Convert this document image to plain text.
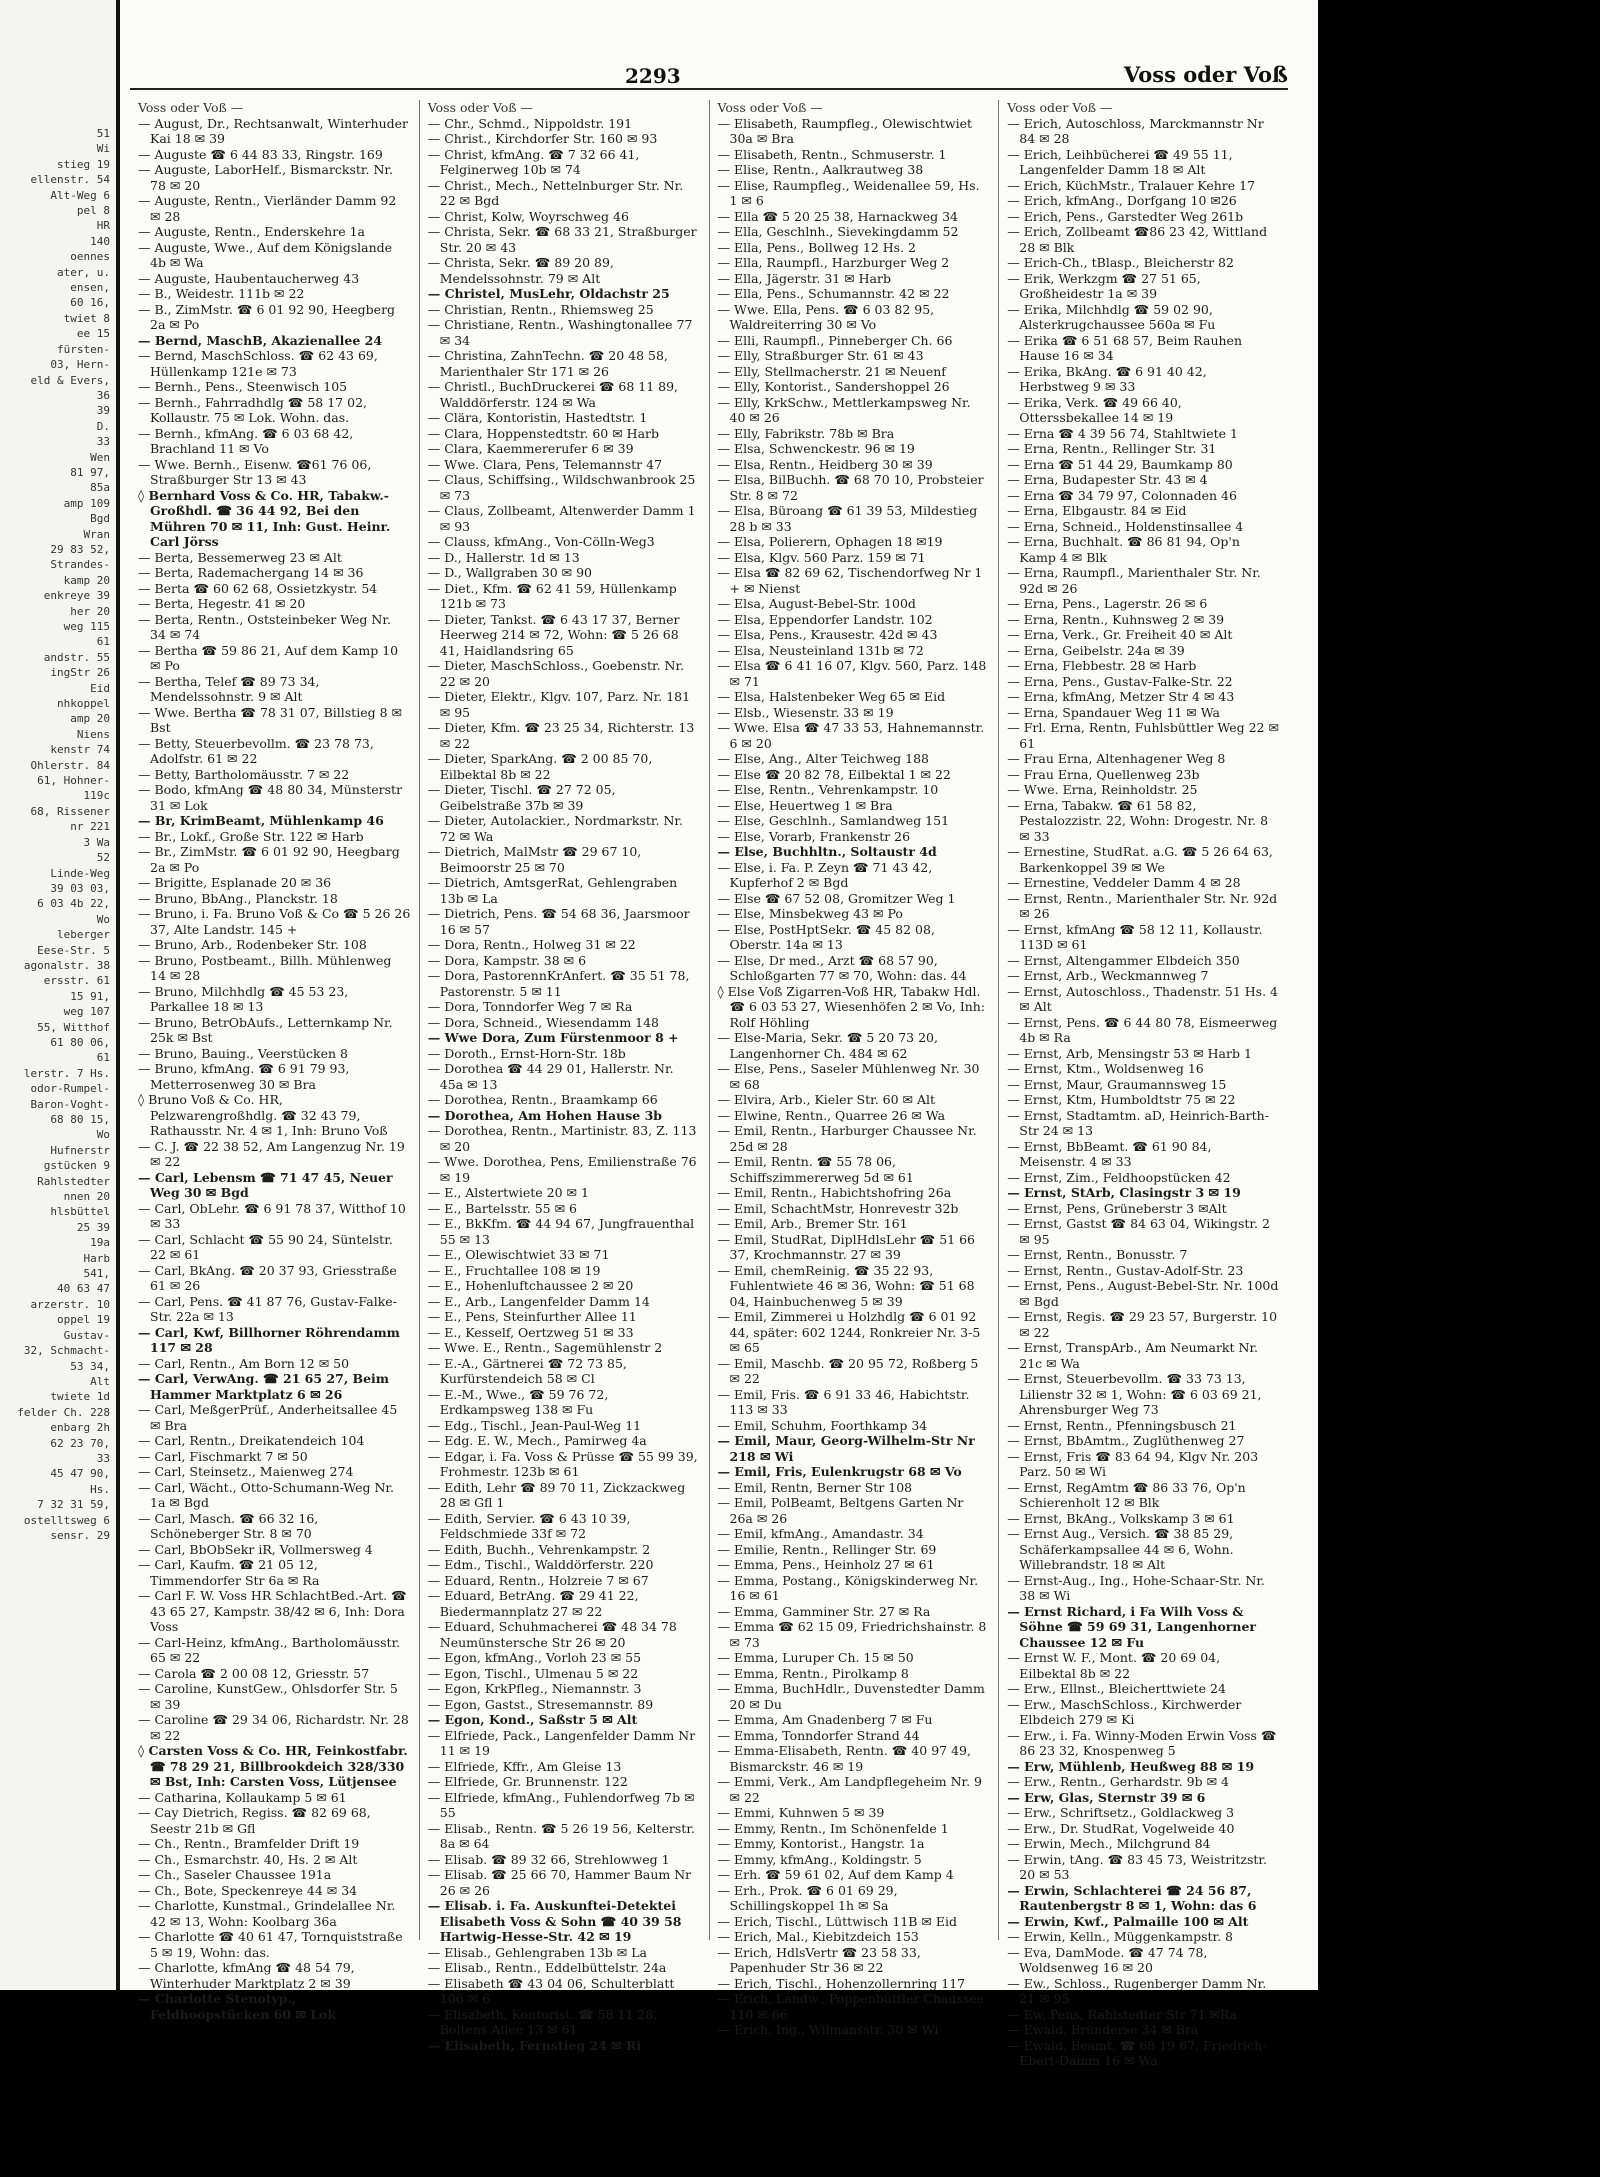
51
Wi
stieg 19
ellenstr. 54
Alt-Weg 6
pel 8
HR
140
oennes
ater, u.
ensen,
60 16,
twiet 8
ee 15
fürsten-
03, Hern-
eld & Evers,
36
39
D.
33
Wen
81 97,
85a
amp 109
Bgd
Wran
29 83 52,
Strandes-
kamp 20
enkreye 39
her 20
weg 115
61
andstr. 55
ingStr 26
Eid
nhkoppel
amp 20
Niens
kenstr 74
Ohlerstr. 84
61, Hohner-
119c
68, Rissener
nr 221
3 Wa
52
Linde-Weg
39 03 03,
6 03 4b 22,
Wo
leberger
Eese-Str. 5
agonalstr. 38
ersstr. 61
15 91,
weg 107
55, Witthof
61 80 06,
61
lerstr. 7 Hs.
odor-Rumpel-
Baron-Voght-
68 80 15,
Wo
Hufnerstr
gstücken 9
Rahlstedter
nnen 20
hlsbüttel
25 39
19a
Harb
541,
40 63 47
arzerstr. 10
oppel 19
Gustav-
32, Schmacht-
53 34,
Alt
twiete 1d
felder Ch. 228
enbarg 2h
62 23 70,
33
45 47 90,
Hs.
7 32 31 59,
ostelltsweg 6
sensr. 29
2293	Voss oder Voß
Voss oder Voß —

— August, Dr., Rechtsanwalt, Winterhuder Kai 18 ✉ 39

— Auguste ☎ 6 44 83 33, Ringstr. 169

— Auguste, LaborHelf., Bismarckstr. Nr. 78 ✉ 20

— Auguste, Rentn., Vierländer Damm 92 ✉ 28

— Auguste, Rentn., Enderskehre 1a

— Auguste, Wwe., Auf dem Königslande 4b ✉ Wa

— Auguste, Haubentaucherweg 43

— B., Weidestr. 111b ✉ 22

— B., ZimMstr. ☎ 6 01 92 90, Heegberg 2a ✉ Po

— Bernd, MaschB, Akazienallee 24

— Bernd, MaschSchloss. ☎ 62 43 69, Hüllenkamp 121e ✉ 73

— Bernh., Pens., Steenwisch 105

— Bernh., Fahrradhdlg ☎ 58 17 02, Kollaustr. 75 ✉ Lok. Wohn. das.

— Bernh., kfmAng. ☎ 6 03 68 42, Brachland 11 ✉ Vo

— Wwe. Bernh., Eisenw. ☎61 76 06, Straßburger Str 13 ✉ 43

◊ Bernhard Voss & Co. HR, Tabakw.-Großhdl. ☎ 36 44 92, Bei den Mühren 70 ✉ 11, Inh: Gust. Heinr. Carl Jörss

— Berta, Bessemerweg 23 ✉ Alt

— Berta, Rademachergang 14 ✉ 36

— Berta ☎ 60 62 68, Ossietzkystr. 54

— Berta, Hegestr. 41 ✉ 20

— Berta, Rentn., Oststeinbeker Weg Nr. 34 ✉ 74

— Bertha ☎ 59 86 21, Auf dem Kamp 10 ✉ Po

— Bertha, Telef ☎ 89 73 34, Mendelssohnstr. 9 ✉ Alt

— Wwe. Bertha ☎ 78 31 07, Billstieg 8 ✉ Bst

— Betty, Steuerbevollm. ☎ 23 78 73, Adolfstr. 61 ✉ 22

— Betty, Bartholomäusstr. 7 ✉ 22

— Bodo, kfmAng ☎ 48 80 34, Münsterstr 31 ✉ Lok

— Br, KrimBeamt, Mühlenkamp 46

— Br., Lokf., Große Str. 122 ✉ Harb

— Br., ZimMstr. ☎ 6 01 92 90, Heegbarg 2a ✉ Po

— Brigitte, Esplanade 20 ✉ 36

— Bruno, BbAng., Planckstr. 18

— Bruno, i. Fa. Bruno Voß & Co ☎ 5 26 26 37, Alte Landstr. 145 +

— Bruno, Arb., Rodenbeker Str. 108

— Bruno, Postbeamt., Billh. Mühlenweg 14 ✉ 28

— Bruno, Milchhdlg ☎ 45 53 23, Parkallee 18 ✉ 13

— Bruno, BetrObAufs., Letternkamp Nr. 25k ✉ Bst

— Bruno, Bauing., Veerstücken 8

— Bruno, kfmAng. ☎ 6 91 79 93, Metterrosenweg 30 ✉ Bra

◊ Bruno Voß & Co. HR, Pelzwarengroßhdlg. ☎ 32 43 79, Rathausstr. Nr. 4 ✉ 1, Inh: Bruno Voß

— C. J. ☎ 22 38 52, Am Langenzug Nr. 19 ✉ 22

— Carl, Lebensm ☎ 71 47 45, Neuer Weg 30 ✉ Bgd

— Carl, ObLehr. ☎ 6 91 78 37, Witthof 10 ✉ 33

— Carl, Schlacht ☎ 55 90 24, Süntelstr. 22 ✉ 61

— Carl, BkAng. ☎ 20 37 93, Griesstraße 61 ✉ 26

— Carl, Pens. ☎ 41 87 76, Gustav-Falke-Str. 22a ✉ 13

— Carl, Kwf, Billhorner Röhrendamm 117 ✉ 28

— Carl, Rentn., Am Born 12 ✉ 50

— Carl, VerwAng. ☎ 21 65 27, Beim Hammer Marktplatz 6 ✉ 26

— Carl, MeßgerPrüf., Anderheitsallee 45 ✉ Bra

— Carl, Rentn., Dreikatendeich 104

— Carl, Fischmarkt 7 ✉ 50

— Carl, Steinsetz., Maienweg 274

— Carl, Wächt., Otto-Schumann-Weg Nr. 1a ✉ Bgd

— Carl, Masch. ☎ 66 32 16, Schöneberger Str. 8 ✉ 70

— Carl, BbObSekr iR, Vollmersweg 4

— Carl, Kaufm. ☎ 21 05 12, Timmendorfer Str 6a ✉ Ra

— Carl F. W. Voss HR SchlachtBed.-Art. ☎ 43 65 27, Kampstr. 38/42 ✉ 6, Inh: Dora Voss

— Carl-Heinz, kfmAng., Bartholomäusstr. 65 ✉ 22

— Carola ☎ 2 00 08 12, Griesstr. 57

— Caroline, KunstGew., Ohlsdorfer Str. 5 ✉ 39

— Caroline ☎ 29 34 06, Richardstr. Nr. 28 ✉ 22

◊ Carsten Voss & Co. HR, Feinkostfabr. ☎ 78 29 21, Billbrookdeich 328/330 ✉ Bst, Inh: Carsten Voss, Lütjensee

— Catharina, Kollaukamp 5 ✉ 61

— Cay Dietrich, Regiss. ☎ 82 69 68, Seestr 21b ✉ Gfl

— Ch., Rentn., Bramfelder Drift 19

— Ch., Esmarchstr. 40, Hs. 2 ✉ Alt

— Ch., Saseler Chaussee 191a

— Ch., Bote, Speckenreye 44 ✉ 34

— Charlotte, Kunstmal., Grindelallee Nr. 42 ✉ 13, Wohn: Koolbarg 36a

— Charlotte ☎ 40 61 47, Tornquiststraße 5 ✉ 19, Wohn: das.

— Charlotte, kfmAng ☎ 48 54 79, Winterhuder Marktplatz 2 ✉ 39

— Charlotte Stenotyp., Feldhoopstücken 60 ✉ Lok

Voss oder Voß —

— Chr., Schmd., Nippoldstr. 191

— Christ., Kirchdorfer Str. 160 ✉ 93

— Christ, kfmAng. ☎ 7 32 66 41, Felginerweg 10b ✉ 74

— Christ., Mech., Nettelnburger Str. Nr. 22 ✉ Bgd

— Christ, Kolw, Woyrschweg 46

— Christa, Sekr. ☎ 68 33 21, Straßburger Str. 20 ✉ 43

— Christa, Sekr. ☎ 89 20 89, Mendelssohnstr. 79 ✉ Alt

— Christel, MusLehr, Oldachstr 25

— Christian, Rentn., Rhiemsweg 25

— Christiane, Rentn., Washingtonallee 77 ✉ 34

— Christina, ZahnTechn. ☎ 20 48 58, Marienthaler Str 171 ✉ 26

— Christl., BuchDruckerei ☎ 68 11 89, Walddörferstr. 124 ✉ Wa

— Clära, Kontoristin, Hastedtstr. 1

— Clara, Hoppenstedtstr. 60 ✉ Harb

— Clara, Kaemmererufer 6 ✉ 39

— Wwe. Clara, Pens, Telemannstr 47

— Claus, Schiffsing., Wildschwanbrook 25 ✉ 73

— Claus, Zollbeamt, Altenwerder Damm 1 ✉ 93

— Clauss, kfmAng., Von-Cölln-Weg3

— D., Hallerstr. 1d ✉ 13

— D., Wallgraben 30 ✉ 90

— Diet., Kfm. ☎ 62 41 59, Hüllenkamp 121b ✉ 73

— Dieter, Tankst. ☎ 6 43 17 37, Berner Heerweg 214 ✉ 72, Wohn: ☎ 5 26 68 41, Haidlandsring 65

— Dieter, MaschSchloss., Goebenstr. Nr. 22 ✉ 20

— Dieter, Elektr., Klgv. 107, Parz. Nr. 181 ✉ 95

— Dieter, Kfm. ☎ 23 25 34, Richterstr. 13 ✉ 22

— Dieter, SparkAng. ☎ 2 00 85 70, Eilbektal 8b ✉ 22

— Dieter, Tischl. ☎ 27 72 05, Geibelstraße 37b ✉ 39

— Dieter, Autolackier., Nordmarkstr. Nr. 72 ✉ Wa

— Dietrich, MalMstr ☎ 29 67 10, Beimoorstr 25 ✉ 70

— Dietrich, AmtsgerRat, Gehlengraben 13b ✉ La

— Dietrich, Pens. ☎ 54 68 36, Jaarsmoor 16 ✉ 57

— Dora, Rentn., Holweg 31 ✉ 22

— Dora, Kampstr. 38 ✉ 6

— Dora, PastorennKrAnfert. ☎ 35 51 78, Pastorenstr. 5 ✉ 11

— Dora, Tonndorfer Weg 7 ✉ Ra

— Dora, Schneid., Wiesendamm 148

— Wwe Dora, Zum Fürstenmoor 8 +

— Doroth., Ernst-Horn-Str. 18b

— Dorothea ☎ 44 29 01, Hallerstr. Nr. 45a ✉ 13

— Dorothea, Rentn., Braamkamp 66

— Dorothea, Am Hohen Hause 3b

— Dorothea, Rentn., Martinistr. 83, Z. 113 ✉ 20

— Wwe. Dorothea, Pens, Emilienstraße 76 ✉ 19

— E., Alstertwiete 20 ✉ 1

— E., Bartelsstr. 55 ✉ 6

— E., BkKfm. ☎ 44 94 67, Jungfrauenthal 55 ✉ 13

— E., Olewischtwiet 33 ✉ 71

— E., Fruchtallee 108 ✉ 19

— E., Hohenluftchaussee 2 ✉ 20

— E., Arb., Langenfelder Damm 14

— E., Pens, Steinfurther Allee 11

— E., Kesself, Oertzweg 51 ✉ 33

— Wwe. E., Rentn., Sagemühlenstr 2

— E.-A., Gärtnerei ☎ 72 73 85, Kurfürstendeich 58 ✉ Cl

— E.-M., Wwe., ☎ 59 76 72, Erdkampsweg 138 ✉ Fu

— Edg., Tischl., Jean-Paul-Weg 11

— Edg. E. W., Mech., Pamirweg 4a

— Edgar, i. Fa. Voss & Prüsse ☎ 55 99 39, Frohmestr. 123b ✉ 61

— Edith, Lehr ☎ 89 70 11, Zickzackweg 28 ✉ Gfl 1

— Edith, Servier. ☎ 6 43 10 39, Feldschmiede 33f ✉ 72

— Edith, Buchh., Vehrenkampstr. 2

— Edm., Tischl., Walddörferstr. 220

— Eduard, Rentn., Holzreie 7 ✉ 67

— Eduard, BetrAng. ☎ 29 41 22, Biedermannplatz 27 ✉ 22

— Eduard, Schuhmacherei ☎ 48 34 78 Neumünstersche Str 26 ✉ 20

— Egon, kfmAng., Vorloh 23 ✉ 55

— Egon, Tischl., Ulmenau 5 ✉ 22

— Egon, KrkPfleg., Niemannstr. 3

— Egon, Gastst., Stresemannstr. 89

— Egon, Kond., Saßstr 5 ✉ Alt

— Elfriede, Pack., Langenfelder Damm Nr 11 ✉ 19

— Elfriede, Kffr., Am Gleise 13

— Elfriede, Gr. Brunnenstr. 122

— Elfriede, kfmAng., Fuhlendorfweg 7b ✉ 55

— Elisab., Rentn. ☎ 5 26 19 56, Kelterstr. 8a ✉ 64

— Elisab. ☎ 89 32 66, Strehlowweg 1

— Elisab. ☎ 25 66 70, Hammer Baum Nr 26 ✉ 26

— Elisab. i. Fa. Auskunftei-Detektei Elisabeth Voss & Sohn ☎ 40 39 58 Hartwig-Hesse-Str. 42 ✉ 19

— Elisab., Gehlengraben 13b ✉ La

— Elisab., Rentn., Eddelbüttelstr. 24a

— Elisabeth ☎ 43 04 06, Schulterblatt 106 ✉ 6

— Elisabeth, Kontorist. ☎ 58 11 28, Boltens Allee 13 ✉ 61

— Elisabeth, Fernstieg 24 ✉ Ri

Voss oder Voß —

— Elisabeth, Raumpfleg., Olewischtwiet 30a ✉ Bra

— Elisabeth, Rentn., Schmuserstr. 1

— Elise, Rentn., Aalkrautweg 38

— Elise, Raumpfleg., Weidenallee 59, Hs. 1 ✉ 6

— Ella ☎ 5 20 25 38, Harnackweg 34

— Ella, Geschlnh., Sievekingdamm 52

— Ella, Pens., Bollweg 12 Hs. 2

— Ella, Raumpfl., Harzburger Weg 2

— Ella, Jägerstr. 31 ✉ Harb

— Ella, Pens., Schumannstr. 42 ✉ 22

— Wwe. Ella, Pens. ☎ 6 03 82 95, Waldreiterring 30 ✉ Vo

— Elli, Raumpfl., Pinneberger Ch. 66

— Elly, Straßburger Str. 61 ✉ 43

— Elly, Stellmacherstr. 21 ✉ Neuenf

— Elly, Kontorist., Sandershoppel 26

— Elly, KrkSchw., Mettlerkampsweg Nr. 40 ✉ 26

— Elly, Fabrikstr. 78b ✉ Bra

— Elsa, Schwenckestr. 96 ✉ 19

— Elsa, Rentn., Heidberg 30 ✉ 39

— Elsa, BilBuchh. ☎ 68 70 10, Probsteier Str. 8 ✉ 72

— Elsa, Büroang ☎ 61 39 53, Mildestieg 28 b ✉ 33

— Elsa, Polierern, Ophagen 18 ✉19

— Elsa, Klgv. 560 Parz. 159 ✉ 71

— Elsa ☎ 82 69 62, Tischendorfweg Nr 1 + ✉ Nienst

— Elsa, August-Bebel-Str. 100d

— Elsa, Eppendorfer Landstr. 102

— Elsa, Pens., Krausestr. 42d ✉ 43

— Elsa, Neusteinland 131b ✉ 72

— Elsa ☎ 6 41 16 07, Klgv. 560, Parz. 148 ✉ 71

— Elsa, Halstenbeker Weg 65 ✉ Eid

— Elsb., Wiesenstr. 33 ✉ 19

— Wwe. Elsa ☎ 47 33 53, Hahnemannstr. 6 ✉ 20

— Else, Ang., Alter Teichweg 188

— Else ☎ 20 82 78, Eilbektal 1 ✉ 22

— Else, Rentn., Vehrenkampstr. 10

— Else, Heuertweg 1 ✉ Bra

— Else, Geschlnh., Samlandweg 151

— Else, Vorarb, Frankenstr 26

— Else, Buchhltn., Soltaustr 4d

— Else, i. Fa. P. Zeyn ☎ 71 43 42, Kupferhof 2 ✉ Bgd

— Else ☎ 67 52 08, Gromitzer Weg 1

— Else, Minsbekweg 43 ✉ Po

— Else, PostHptSekr. ☎ 45 82 08, Oberstr. 14a ✉ 13

— Else, Dr med., Arzt ☎ 68 57 90, Schloßgarten 77 ✉ 70, Wohn: das. 44

◊ Else Voß Zigarren-Voß HR, Tabakw Hdl. ☎ 6 03 53 27, Wiesenhöfen 2 ✉ Vo, Inh: Rolf Höhling

— Else-Maria, Sekr. ☎ 5 20 73 20, Langenhorner Ch. 484 ✉ 62

— Else, Pens., Saseler Mühlenweg Nr. 30 ✉ 68

— Elvira, Arb., Kieler Str. 60 ✉ Alt

— Elwine, Rentn., Quarree 26 ✉ Wa

— Emil, Rentn., Harburger Chaussee Nr. 25d ✉ 28

— Emil, Rentn. ☎ 55 78 06, Schiffszimmererweg 5d ✉ 61

— Emil, Rentn., Habichtshofring 26a

— Emil, SchachtMstr, Honrevestr 32b

— Emil, Arb., Bremer Str. 161

— Emil, StudRat, DiplHdlsLehr ☎ 51 66 37, Krochmannstr. 27 ✉ 39

— Emil, chemReinig. ☎ 35 22 93, Fuhlentwiete 46 ✉ 36, Wohn: ☎ 51 68 04, Hainbuchenweg 5 ✉ 39

— Emil, Zimmerei u Holzhdlg ☎ 6 01 92 44, später: 602 1244, Ronkreier Nr. 3-5 ✉ 65

— Emil, Maschb. ☎ 20 95 72, Roßberg 5 ✉ 22

— Emil, Fris. ☎ 6 91 33 46, Habichtstr. 113 ✉ 33

— Emil, Schuhm, Foorthkamp 34

— Emil, Maur, Georg-Wilhelm-Str Nr 218 ✉ Wi

— Emil, Fris, Eulenkrugstr 68 ✉ Vo

— Emil, Rentn, Berner Str 108

— Emil, PolBeamt, Beltgens Garten Nr 26a ✉ 26

— Emil, kfmAng., Amandastr. 34

— Emilie, Rentn., Rellinger Str. 69

— Emma, Pens., Heinholz 27 ✉ 61

— Emma, Postang., Königskinderweg Nr. 16 ✉ 61

— Emma, Gamminer Str. 27 ✉ Ra

— Emma ☎ 62 15 09, Friedrichshainstr. 8 ✉ 73

— Emma, Luruper Ch. 15 ✉ 50

— Emma, Rentn., Pirolkamp 8

— Emma, BuchHdlr., Duvenstedter Damm 20 ✉ Du

— Emma, Am Gnadenberg 7 ✉ Fu

— Emma, Tonndorfer Strand 44

— Emma-Elisabeth, Rentn. ☎ 40 97 49, Bismarckstr. 46 ✉ 19

— Emmi, Verk., Am Landpflegeheim Nr. 9 ✉ 22

— Emmi, Kuhnwen 5 ✉ 39

— Emmy, Rentn., Im Schönenfelde 1

— Emmy, Kontorist., Hangstr. 1a

— Emmy, kfmAng., Koldingstr. 5

— Erh. ☎ 59 61 02, Auf dem Kamp 4

— Erh., Prok. ☎ 6 01 69 29, Schillingskoppel 1h ✉ Sa

— Erich, Tischl., Lüttwisch 11B ✉ Eid

— Erich, Mal., Kiebitzdeich 153

— Erich, HdlsVertr ☎ 23 58 33, Papenhuder Str 36 ✉ 22

— Erich, Tischl., Hohenzollernring 117

— Erich, Landw., Poppenbüttler Chaussee 110 ✉ 66

— Erich, Ing., Wilmansstr. 30 ✉ Wi

Voss oder Voß —

— Erich, Autoschloss, Marckmannstr Nr 84 ✉ 28

— Erich, Leihbücherei ☎ 49 55 11, Langenfelder Damm 18 ✉ Alt

— Erich, KüchMstr., Tralauer Kehre 17

— Erich, kfmAng., Dorfgang 10 ✉26

— Erich, Pens., Garstedter Weg 261b

— Erich, Zollbeamt ☎86 23 42, Wittland 28 ✉ Blk

— Erich-Ch., tBlasp., Bleicherstr 82

— Erik, Werkzgm ☎ 27 51 65, Großheidestr 1a ✉ 39

— Erika, Milchhdlg ☎ 59 02 90, Alsterkrugchaussee 560a ✉ Fu

— Erika ☎ 6 51 68 57, Beim Rauhen Hause 16 ✉ 34

— Erika, BkAng. ☎ 6 91 40 42, Herbstweg 9 ✉ 33

— Erika, Verk. ☎ 49 66 40, Otterssbekallee 14 ✉ 19

— Erna ☎ 4 39 56 74, Stahltwiete 1

— Erna, Rentn., Rellinger Str. 31

— Erna ☎ 51 44 29, Baumkamp 80

— Erna, Budapester Str. 43 ✉ 4

— Erna ☎ 34 79 97, Colonnaden 46

— Erna, Elbgaustr. 84 ✉ Eid

— Erna, Schneid., Holdenstinsallee 4

— Erna, Buchhalt. ☎ 86 81 94, Op'n Kamp 4 ✉ Blk

— Erna, Raumpfl., Marienthaler Str. Nr. 92d ✉ 26

— Erna, Pens., Lagerstr. 26 ✉ 6

— Erna, Rentn., Kuhnsweg 2 ✉ 39

— Erna, Verk., Gr. Freiheit 40 ✉ Alt

— Erna, Geibelstr. 24a ✉ 39

— Erna, Flebbestr. 28 ✉ Harb

— Erna, Pens., Gustav-Falke-Str. 22

— Erna, kfmAng, Metzer Str 4 ✉ 43

— Erna, Spandauer Weg 11 ✉ Wa

— Frl. Erna, Rentn, Fuhlsbüttler Weg 22 ✉ 61

— Frau Erna, Altenhagener Weg 8

— Frau Erna, Quellenweg 23b

— Wwe. Erna, Reinholdstr. 25

— Erna, Tabakw. ☎ 61 58 82, Pestalozzistr. 22, Wohn: Drogestr. Nr. 8 ✉ 33

— Ernestine, StudRat. a.G. ☎ 5 26 64 63, Barkenkoppel 39 ✉ We

— Ernestine, Veddeler Damm 4 ✉ 28

— Ernst, Rentn., Marienthaler Str. Nr. 92d ✉ 26

— Ernst, kfmAng ☎ 58 12 11, Kollaustr. 113D ✉ 61

— Ernst, Altengammer Elbdeich 350

— Ernst, Arb., Weckmannweg 7

— Ernst, Autoschloss., Thadenstr. 51 Hs. 4 ✉ Alt

— Ernst, Pens. ☎ 6 44 80 78, Eismeerweg 4b ✉ Ra

— Ernst, Arb, Mensingstr 53 ✉ Harb 1

— Ernst, Ktm., Woldsenweg 16

— Ernst, Maur, Graumannsweg 15

— Ernst, Ktm, Humboldtstr 75 ✉ 22

— Ernst, Stadtamtm. aD, Heinrich-Barth-Str 24 ✉ 13

— Ernst, BbBeamt. ☎ 61 90 84, Meisenstr. 4 ✉ 33

— Ernst, Zim., Feldhoopstücken 42

— Ernst, StArb, Clasingstr 3 ✉ 19

— Ernst, Pens, Grüneberstr 3 ✉Alt

— Ernst, Gastst ☎ 84 63 04, Wikingstr. 2 ✉ 95

— Ernst, Rentn., Bonusstr. 7

— Ernst, Rentn., Gustav-Adolf-Str. 23

— Ernst, Pens., August-Bebel-Str. Nr. 100d ✉ Bgd

— Ernst, Regis. ☎ 29 23 57, Burgerstr. 10 ✉ 22

— Ernst, TranspArb., Am Neumarkt Nr. 21c ✉ Wa

— Ernst, Steuerbevollm. ☎ 33 73 13, Lilienstr 32 ✉ 1, Wohn: ☎ 6 03 69 21, Ahrensburger Weg 73

— Ernst, Rentn., Pfenningsbusch 21

— Ernst, BbAmtm., Zuglüthenweg 27

— Ernst, Fris ☎ 83 64 94, Klgv Nr. 203 Parz. 50 ✉ Wi

— Ernst, RegAmtm ☎ 86 33 76, Op'n Schierenholt 12 ✉ Blk

— Ernst, BkAng., Volkskamp 3 ✉ 61

— Ernst Aug., Versich. ☎ 38 85 29, Schäferkampsallee 44 ✉ 6, Wohn. Willebrandstr. 18 ✉ Alt

— Ernst-Aug., Ing., Hohe-Schaar-Str. Nr. 38 ✉ Wi

— Ernst Richard, i Fa Wilh Voss & Söhne ☎ 59 69 31, Langenhorner Chaussee 12 ✉ Fu

— Ernst W. F., Mont. ☎ 20 69 04, Eilbektal 8b ✉ 22

— Erw., Ellnst., Bleicherttwiete 24

— Erw., MaschSchloss., Kirchwerder Elbdeich 279 ✉ Ki

— Erw., i. Fa. Winny-Moden Erwin Voss ☎ 86 23 32, Knospenweg 5

— Erw, Mühlenb, Heußweg 88 ✉ 19

— Erw., Rentn., Gerhardstr. 9b ✉ 4

— Erw, Glas, Sternstr 39 ✉ 6

— Erw., Schriftsetz., Goldlackweg 3

— Erw., Dr. StudRat, Vogelweide 40

— Erwin, Mech., Milchgrund 84

— Erwin, tAng. ☎ 83 45 73, Weistritzstr. 20 ✉ 53

— Erwin, Schlachterei ☎ 24 56 87, Rautenbergstr 8 ✉ 1, Wohn: das 6

— Erwin, Kwf., Palmaille 100 ✉ Alt

— Erwin, Kelln., Müggenkampstr. 8

— Eva, DamMode. ☎ 47 74 78, Woldsenweg 16 ✉ 20

— Ew., Schloss., Rugenberger Damm Nr. 21 ✉ 95

— Ew, Pens, Rahlstedter Str 71 ✉Ra

— Ewald, Bründerse 34 ✉ Bra

— Ewald, Beamt. ☎ 68 19 67, Friedrich-Ebert-Damm 16 ✉ Wa
